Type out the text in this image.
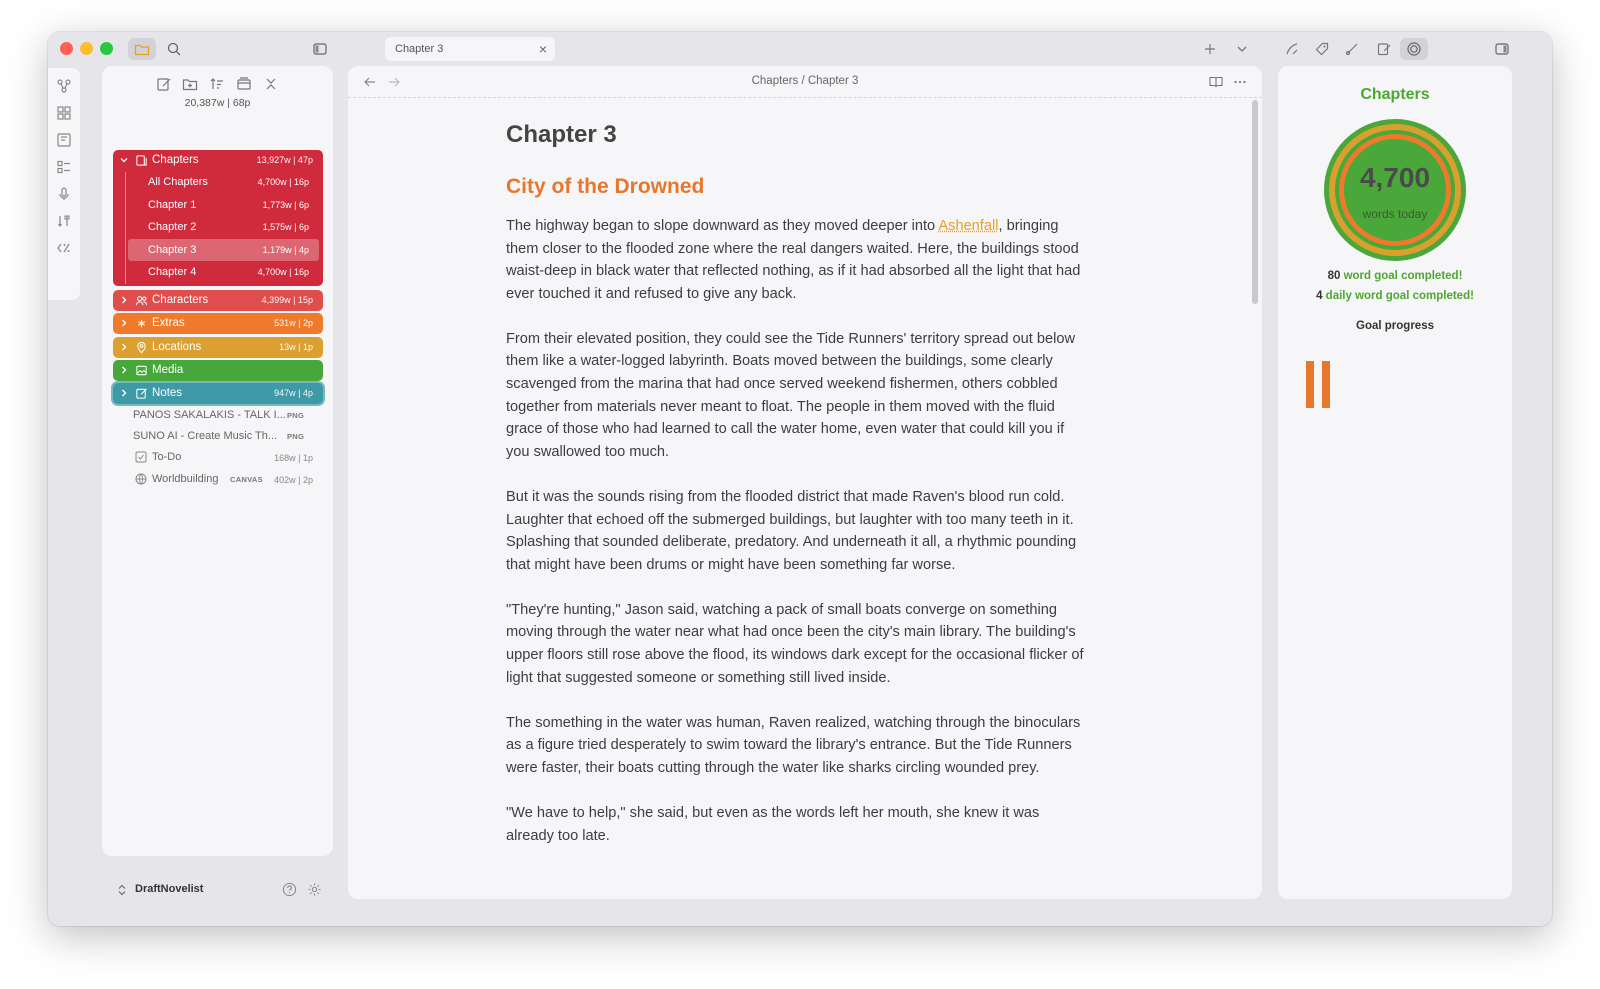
Chapter 3	×
20,387w | 68p
Chapters	13,927w | 47p
All Chapters	4,700w | 16p
Chapter 1	1,773w | 6p
Chapter 2	1,575w | 6p
Chapter 3	1,179w | 4p
Chapter 4	4,700w | 16p
Characters	4,399w | 15p
Extras	531w | 2p
Locations	13w | 1p
Media
Notes	947w | 4p
PANOS SAKALAKIS - TALK I... PNG
SUNO AI - Create Music Th... PNG
To-Do	168w | 1p
Worldbuilding CANVAS 402w | 2p
DraftNovelist
Chapters / Chapter 3
Chapter 3
City of the Drowned

The highway began to slope downward as they moved deeper into Ashenfall, bringing them closer to the flooded zone where the real dangers waited. Here, the buildings stood waist-deep in black water that reflected nothing, as if it had absorbed all the light that had ever touched it and refused to give any back.

From their elevated position, they could see the Tide Runners' territory spread out below them like a water-logged labyrinth. Boats moved between the buildings, some clearly scavenged from the marina that had once served weekend fishermen, others cobbled together from materials never meant to float. The people in them moved with the fluid grace of those who had learned to call the water home, even water that could kill you if you swallowed too much.

But it was the sounds rising from the flooded district that made Raven's blood run cold. Laughter that echoed off the submerged buildings, but laughter with too many teeth in it. Splashing that sounded deliberate, predatory. And underneath it all, a rhythmic pounding that might have been drums or might have been something far worse.

"They're hunting," Jason said, watching a pack of small boats converge on something moving through the water near what had once been the city's main library. The building's upper floors still rose above the flood, its windows dark except for the occasional flicker of light that suggested someone or something still lived inside.

The something in the water was human, Raven realized, watching through the binoculars as a figure tried desperately to swim toward the library's entrance. But the Tide Runners were faster, their boats cutting through the water like sharks circling wounded prey.

"We have to help," she said, but even as the words left her mouth, she knew it was already too late.

Chapters
4,700
words today
80 word goal completed!
4 daily word goal completed!
Goal progress
